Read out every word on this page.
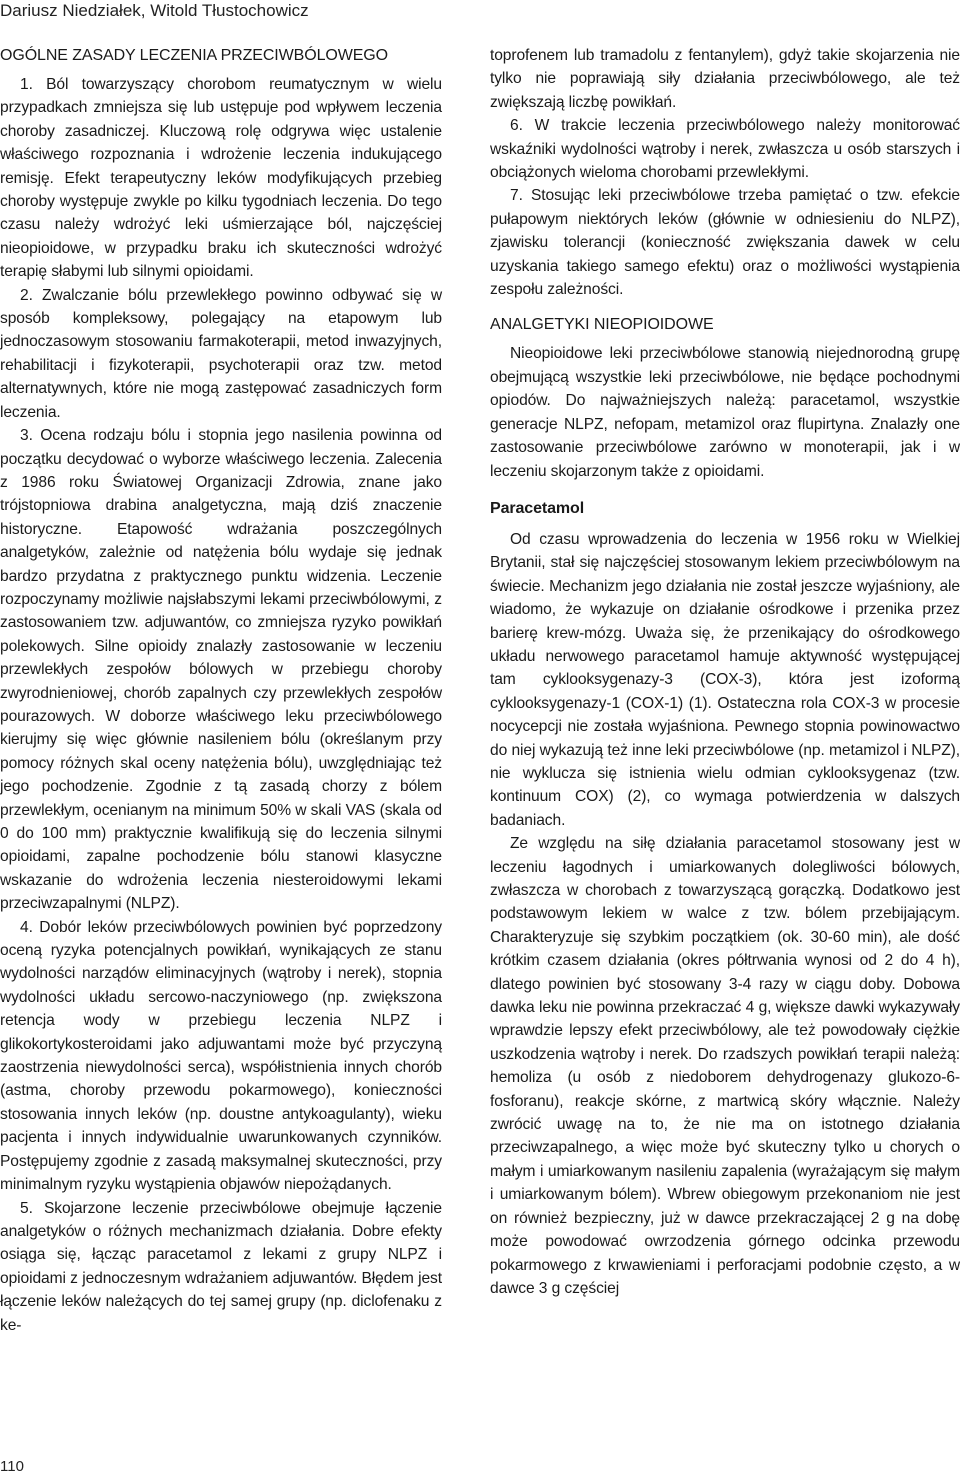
Dariusz Niedziałek, Witold Tłustochowicz
OGÓLNE ZASADY LECZENIA PRZECIWBÓLOWEGO

1. Ból towarzyszący chorobom reumatycznym w wielu przypadkach zmniejsza się lub ustępuje pod wpływem leczenia choroby zasadniczej. Kluczową rolę odgrywa więc ustalenie właściwego rozpoznania i wdrożenie leczenia indukującego remisję. Efekt terapeutyczny leków modyfikujących przebieg choroby występuje zwykle po kilku tygodniach leczenia. Do tego czasu należy wdrożyć leki uśmierzające ból, najczęściej nieopioidowe, w przypadku braku ich skuteczności wdrożyć terapię słabymi lub silnymi opioidami.

2. Zwalczanie bólu przewlekłego powinno odbywać się w sposób kompleksowy, polegający na etapowym lub jednoczasowym stosowaniu farmakoterapii, metod inwazyjnych, rehabilitacji i fizykoterapii, psychoterapii oraz tzw. metod alternatywnych, które nie mogą zastępować zasadniczych form leczenia.

3. Ocena rodzaju bólu i stopnia jego nasilenia powinna od początku decydować o wyborze właściwego leczenia. Zalecenia z 1986 roku Światowej Organizacji Zdrowia, znane jako trójstopniowa drabina analgetyczna, mają dziś znaczenie historyczne. Etapowość wdrażania poszczególnych analgetyków, zależnie od natężenia bólu wydaje się jednak bardzo przydatna z praktycznego punktu widzenia. Leczenie rozpoczynamy możliwie najsłabszymi lekami przeciwbólowymi, z zastosowaniem tzw. adjuwantów, co zmniejsza ryzyko powikłań polekowych. Silne opioidy znalazły zastosowanie w leczeniu przewlekłych zespołów bólowych w przebiegu choroby zwyrodnieniowej, chorób zapalnych czy przewlekłych zespołów pourazowych. W doborze właściwego leku przeciwbólowego kierujmy się więc głównie nasileniem bólu (określanym przy pomocy różnych skal oceny natężenia bólu), uwzględniając też jego pochodzenie. Zgodnie z tą zasadą chorzy z bólem przewlekłym, ocenianym na minimum 50% w skali VAS (skala od 0 do 100 mm) praktycznie kwalifikują się do leczenia silnymi opioidami, zapalne pochodzenie bólu stanowi klasyczne wskazanie do wdrożenia leczenia niesteroidowymi lekami przeciwzapalnymi (NLPZ).

4. Dobór leków przeciwbólowych powinien być poprzedzony oceną ryzyka potencjalnych powikłań, wynikających ze stanu wydolności narządów eliminacyjnych (wątroby i nerek), stopnia wydolności układu sercowo-naczyniowego (np. zwiększona retencja wody w przebiegu leczenia NLPZ i glikokortykosteroidami jako adjuwantami może być przyczyną zaostrzenia niewydolności serca), współistnienia innych chorób (astma, choroby przewodu pokarmowego), konieczności stosowania innych leków (np. doustne antykoagulanty), wieku pacjenta i innych indywidualnie uwarunkowanych czynników. Postępujemy zgodnie z zasadą maksymalnej skuteczności, przy minimalnym ryzyku wystąpienia objawów niepożądanych.

5. Skojarzone leczenie przeciwbólowe obejmuje łączenie analgetyków o różnych mechanizmach działania. Dobre efekty osiąga się, łącząc paracetamol z lekami z grupy NLPZ i opioidami z jednoczesnym wdrażaniem adjuwantów. Błędem jest łączenie leków należących do tej samej grupy (np. diclofenaku z ke-

toprofenem lub tramadolu z fentanylem), gdyż takie skojarzenia nie tylko nie poprawiają siły działania przeciwbólowego, ale też zwiększają liczbę powikłań.

6. W trakcie leczenia przeciwbólowego należy monitorować wskaźniki wydolności wątroby i nerek, zwłaszcza u osób starszych i obciążonych wieloma chorobami przewlekłymi.

7. Stosując leki przeciwbólowe trzeba pamiętać o tzw. efekcie pułapowym niektórych leków (głównie w odniesieniu do NLPZ), zjawisku tolerancji (konieczność zwiększania dawek w celu uzyskania takiego samego efektu) oraz o możliwości wystąpienia zespołu zależności.

ANALGETYKI NIEOPIOIDOWE

Nieopioidowe leki przeciwbólowe stanowią niejednorodną grupę obejmującą wszystkie leki przeciwbólowe, nie będące pochodnymi opiodów. Do najważniejszych należą: paracetamol, wszystkie generacje NLPZ, nefopam, metamizol oraz flupirtyna. Znalazły one zastosowanie przeciwbólowe zarówno w monoterapii, jak i w leczeniu skojarzonym także z opioidami.

Paracetamol

Od czasu wprowadzenia do leczenia w 1956 roku w Wielkiej Brytanii, stał się najczęściej stosowanym lekiem przeciwbólowym na świecie. Mechanizm jego działania nie został jeszcze wyjaśniony, ale wiadomo, że wykazuje on działanie ośrodkowe i przenika przez barierę krew-mózg. Uważa się, że przenikający do ośrodkowego układu nerwowego paracetamol hamuje aktywność występującej tam cyklooksygenazy-3 (COX-3), która jest izoformą cyklooksygenazy-1 (COX-1) (1). Ostateczna rola COX-3 w procesie nocycepcji nie została wyjaśniona. Pewnego stopnia powinowactwo do niej wykazują też inne leki przeciwbólowe (np. metamizol i NLPZ), nie wyklucza się istnienia wielu odmian cyklooksygenaz (tzw. kontinuum COX) (2), co wymaga potwierdzenia w dalszych badaniach.

Ze względu na siłę działania paracetamol stosowany jest w leczeniu łagodnych i umiarkowanych dolegliwości bólowych, zwłaszcza w chorobach z towarzyszącą gorączką. Dodatkowo jest podstawowym lekiem w walce z tzw. bólem przebijającym. Charakteryzuje się szybkim początkiem (ok. 30-60 min), ale dość krótkim czasem działania (okres półtrwania wynosi od 2 do 4 h), dlatego powinien być stosowany 3-4 razy w ciągu doby. Dobowa dawka leku nie powinna przekraczać 4 g, większe dawki wykazywały wprawdzie lepszy efekt przeciwbólowy, ale też powodowały ciężkie uszkodzenia wątroby i nerek. Do rzadszych powikłań terapii należą: hemoliza (u osób z niedoborem dehydrogenazy glukozo-6-fosforanu), reakcje skórne, z martwicą skóry włącznie. Należy zwrócić uwagę na to, że nie ma on istotnego działania przeciwzapalnego, a więc może być skuteczny tylko u chorych o małym i umiarkowanym nasileniu zapalenia (wyrażającym się małym i umiarkowanym bólem). Wbrew obiegowym przekonaniom nie jest on również bezpieczny, już w dawce przekraczającej 2 g na dobę może powodować owrzodzenia górnego odcinka przewodu pokarmowego z krwawieniami i perforacjami podobnie często, a w dawce 3 g częściej

110
